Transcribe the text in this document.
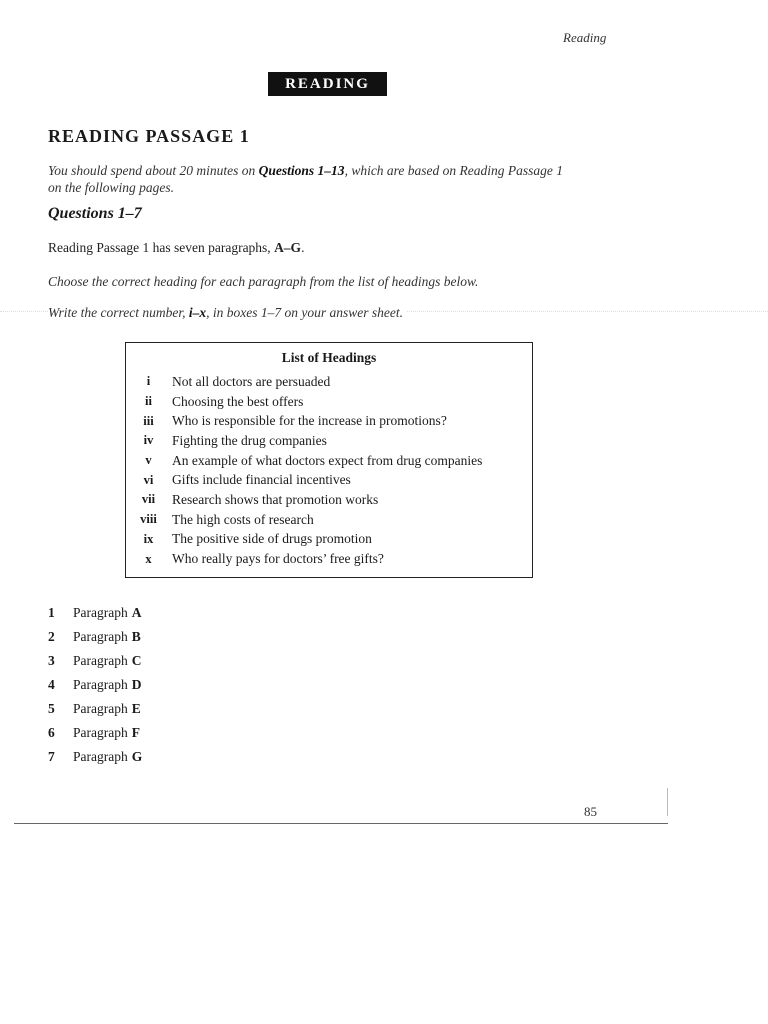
Reading
READING
READING PASSAGE 1
You should spend about 20 minutes on Questions 1–13, which are based on Reading Passage 1
on the following pages.
Questions 1–7
Reading Passage 1 has seven paragraphs, A–G.
Choose the correct heading for each paragraph from the list of headings below.
Write the correct number, i–x, in boxes 1–7 on your answer sheet.
List of Headings
i	Not all doctors are persuaded
ii	Choosing the best offers
iii	Who is responsible for the increase in promotions?
iv	Fighting the drug companies
v	An example of what doctors expect from drug companies
vi	Gifts include financial incentives
vii	Research shows that promotion works
viii	The high costs of research
ix	The positive side of drugs promotion
x	Who really pays for doctors’ free gifts?
1	Paragraph A
2	Paragraph B
3	Paragraph C
4	Paragraph D
5	Paragraph E
6	Paragraph F
7	Paragraph G
85
